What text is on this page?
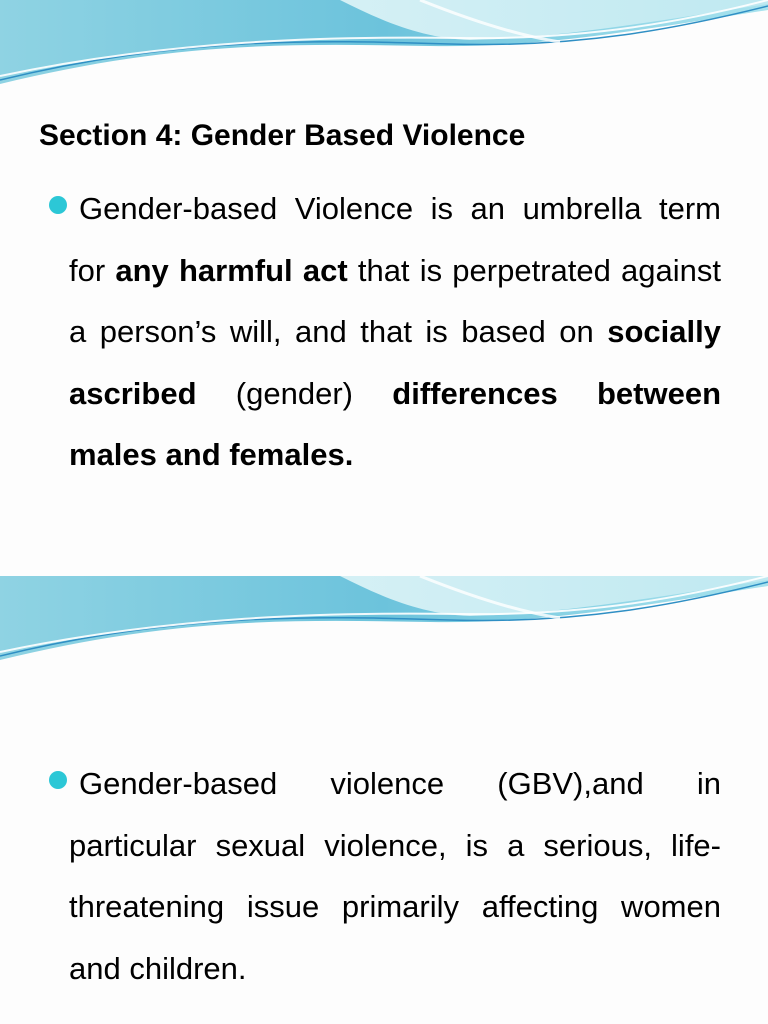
Section 4: Gender Based Violence

Gender-based Violence is an umbrella term for any harmful act that is perpetrated against a person’s will, and that is based on socially ascribed (gender) differences between males and females.

Gender-based violence (GBV),and in particular sexual violence, is a serious, life-threatening issue primarily affecting women and children.
